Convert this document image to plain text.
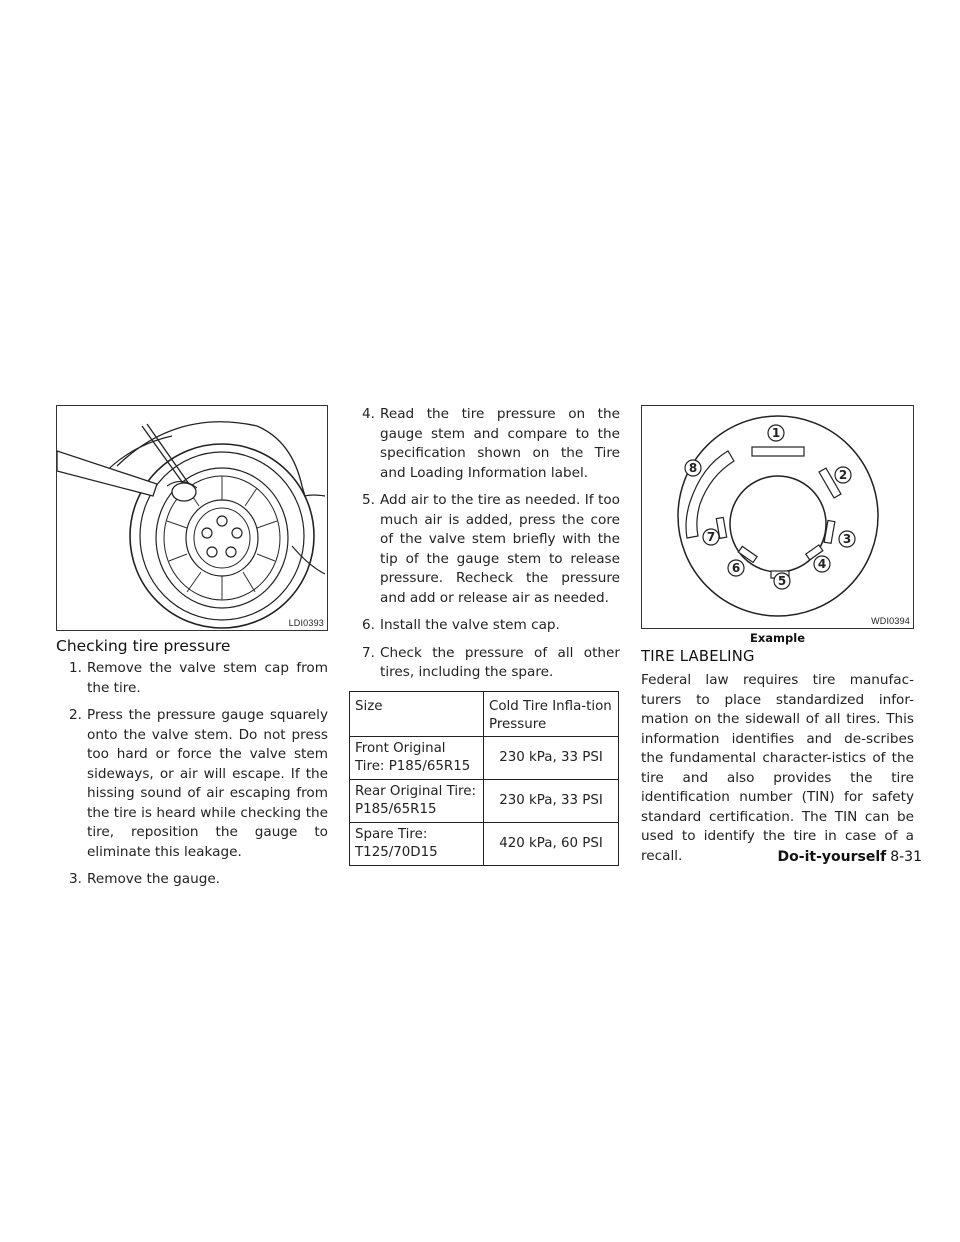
LDI0393
Checking tire pressure
1. Remove the valve stem cap from the tire.
2. Press the pressure gauge squarely onto the valve stem. Do not press too hard or force the valve stem sideways, or air will escape. If the hissing sound of air escaping from the tire is heard while checking the tire, reposition the gauge to eliminate this leakage.
3. Remove the gauge.
4. Read the tire pressure on the gauge stem and compare to the specification shown on the Tire and Loading Information label.
5. Add air to the tire as needed. If too much air is added, press the core of the valve stem briefly with the tip of the gauge stem to release pressure. Recheck the pressure and add or release air as needed.
6. Install the valve stem cap.
7. Check the pressure of all other tires, including the spare.
Size	Cold Tire Infla-tion Pressure
Front Original Tire: P185/65R15	230 kPa, 33 PSI
Rear Original Tire: P185/65R15	230 kPa, 33 PSI
Spare Tire: T125/70D15	420 kPa, 60 PSI
1
2
3
4
5
6
7
8
WDI0394
Example
TIRE LABELING

Federal law requires tire manufac-turers to place standardized infor-mation on the sidewall of all tires. This information identifies and de-scribes the fundamental character-istics of the tire and also provides the tire identification number (TIN) for safety standard certification. The TIN can be used to identify the tire in case of a recall.	Do-it-yourself 8-31
